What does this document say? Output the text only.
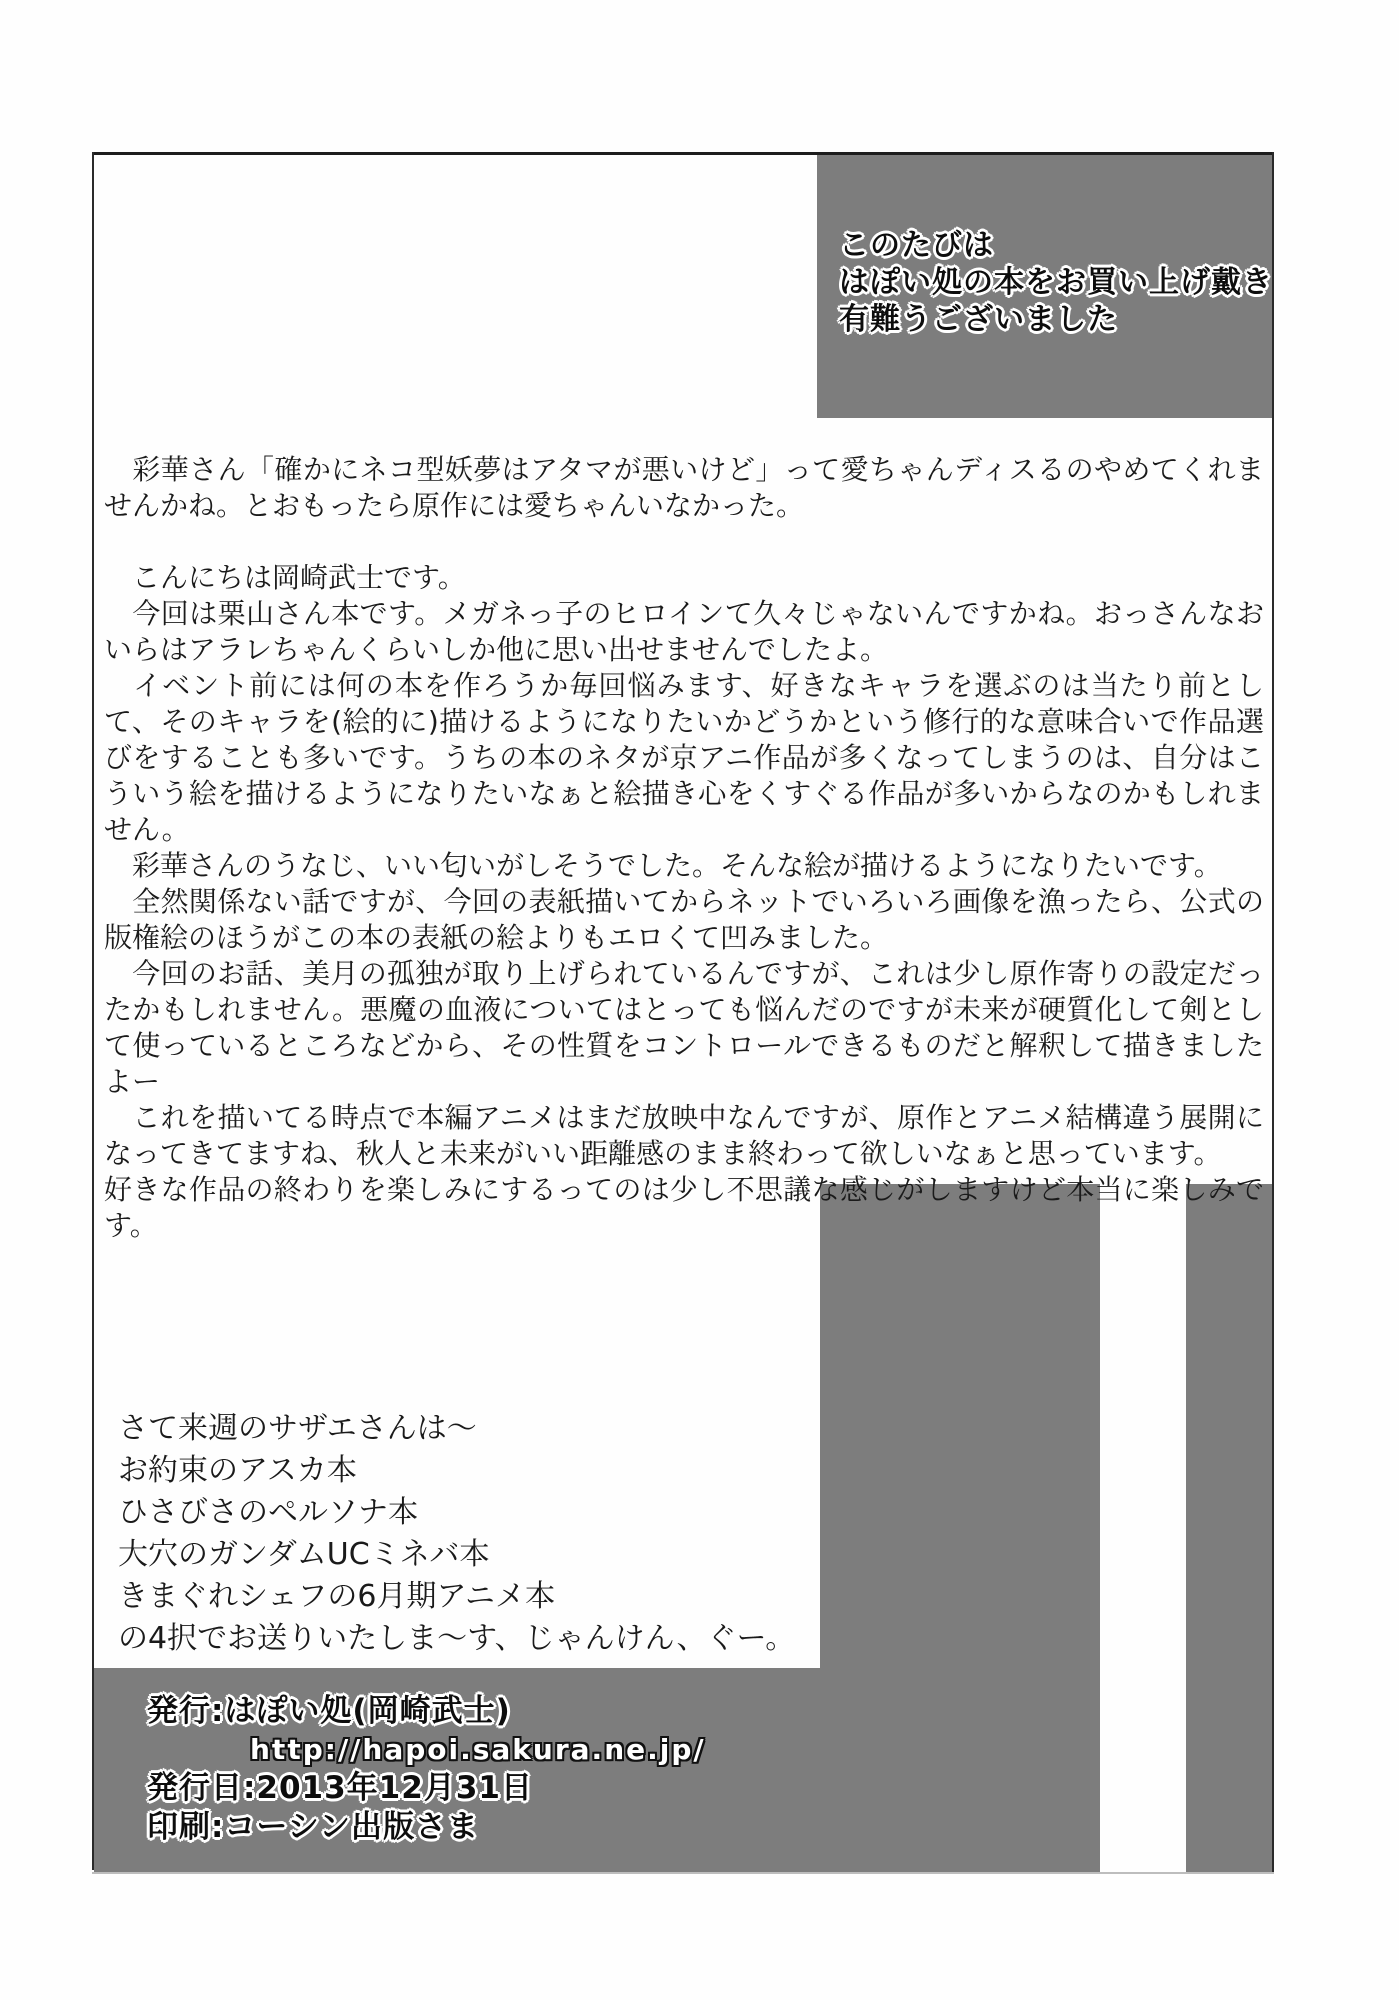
このたびは
はぽい処の本をお買い上げ戴き
有難うございました
　彩華さん「確かにネコ型妖夢はアタマが悪いけど」って愛ちゃんディスるのやめてくれませんかね。とおもったら原作には愛ちゃんいなかった。
　こんにちは岡崎武士です。
　今回は栗山さん本です。メガネっ子のヒロインて久々じゃないんですかね。おっさんなおいらはアラレちゃんくらいしか他に思い出せませんでしたよ。
　イベント前には何の本を作ろうか毎回悩みます、好きなキャラを選ぶのは当たり前として、そのキャラを(絵的に)描けるようになりたいかどうかという修行的な意味合いで作品選びをすることも多いです。うちの本のネタが京アニ作品が多くなってしまうのは、自分はこういう絵を描けるようになりたいなぁと絵描き心をくすぐる作品が多いからなのかもしれません。
　彩華さんのうなじ、いい匂いがしそうでした。そんな絵が描けるようになりたいです。
　全然関係ない話ですが、今回の表紙描いてからネットでいろいろ画像を漁ったら、公式の版権絵のほうがこの本の表紙の絵よりもエロくて凹みました。
　今回のお話、美月の孤独が取り上げられているんですが、これは少し原作寄りの設定だったかもしれません。悪魔の血液についてはとっても悩んだのですが未来が硬質化して剣として使っているところなどから、その性質をコントロールできるものだと解釈して描きましたよー
　これを描いてる時点で本編アニメはまだ放映中なんですが、原作とアニメ結構違う展開になってきてますね、秋人と未来がいい距離感のまま終わって欲しいなぁと思っています。
好きな作品の終わりを楽しみにするってのは少し不思議な感じがしますけど本当に楽しみです。
さて来週のサザエさんは～
お約束のアスカ本
ひさびさのペルソナ本
大穴のガンダムUCミネバ本
きまぐれシェフの6月期アニメ本
の4択でお送りいたしま～す、じゃんけん、ぐー。
発行:はぽい処(岡崎武士)
http://hapoi.sakura.ne.jp/
発行日:2013年12月31日
印刷:コーシン出版さま
